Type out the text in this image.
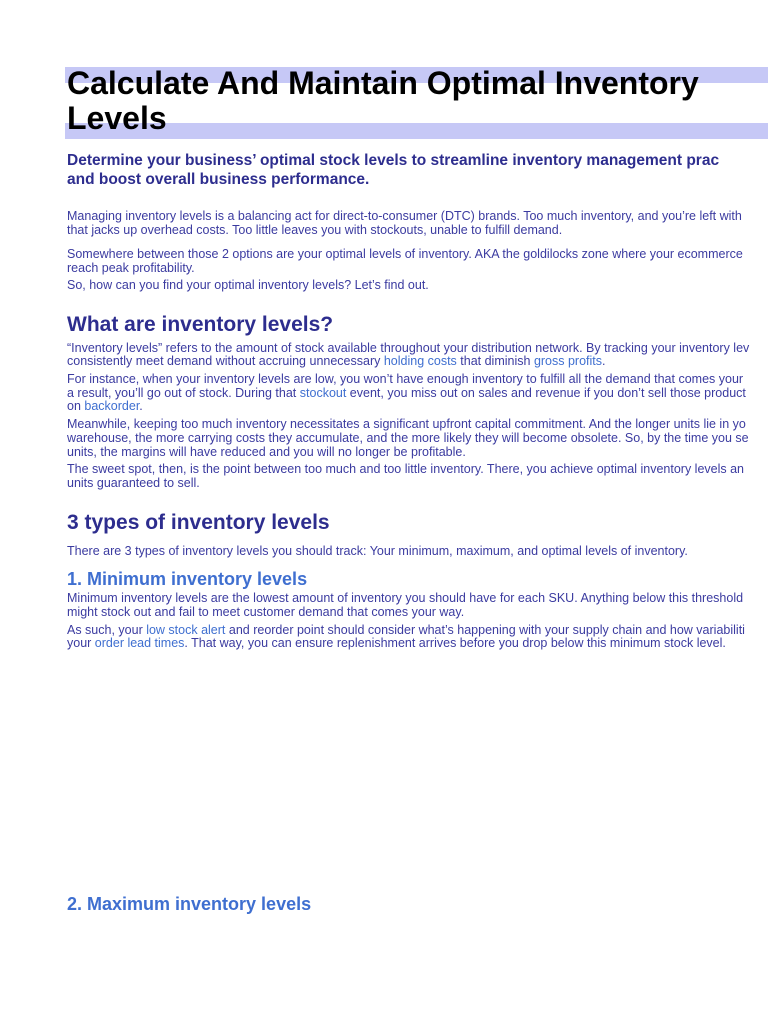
Calculate And Maintain Optimal Inventory Levels
Determine your business’ optimal stock levels to streamline inventory management prac
and boost overall business performance.
Managing inventory levels is a balancing act for direct-to-consumer (DTC) brands. Too much inventory, and you’re left with
that jacks up overhead costs. Too little leaves you with stockouts, unable to fulfill demand.
Somewhere between those 2 options are your optimal levels of inventory. AKA the goldilocks zone where your ecommerce
reach peak profitability.
So, how can you find your optimal inventory levels? Let’s find out.
What are inventory levels?
“Inventory levels” refers to the amount of stock available throughout your distribution network. By tracking your inventory lev
consistently meet demand without accruing unnecessary holding costs that diminish gross profits.
For instance, when your inventory levels are low, you won’t have enough inventory to fulfill all the demand that comes your
a result, you’ll go out of stock. During that stockout event, you miss out on sales and revenue if you don’t sell those product
on backorder.
Meanwhile, keeping too much inventory necessitates a significant upfront capital commitment. And the longer units lie in yo
warehouse, the more carrying costs they accumulate, and the more likely they will become obsolete. So, by the time you se
units, the margins will have reduced and you will no longer be profitable.
The sweet spot, then, is the point between too much and too little inventory. There, you achieve optimal inventory levels an
units guaranteed to sell.
3 types of inventory levels
There are 3 types of inventory levels you should track: Your minimum, maximum, and optimal levels of inventory.
1. Minimum inventory levels
Minimum inventory levels are the lowest amount of inventory you should have for each SKU. Anything below this threshold
might stock out and fail to meet customer demand that comes your way.
As such, your low stock alert and reorder point should consider what’s happening with your supply chain and how variabiliti
your order lead times. That way, you can ensure replenishment arrives before you drop below this minimum stock level.
2. Maximum inventory levels
